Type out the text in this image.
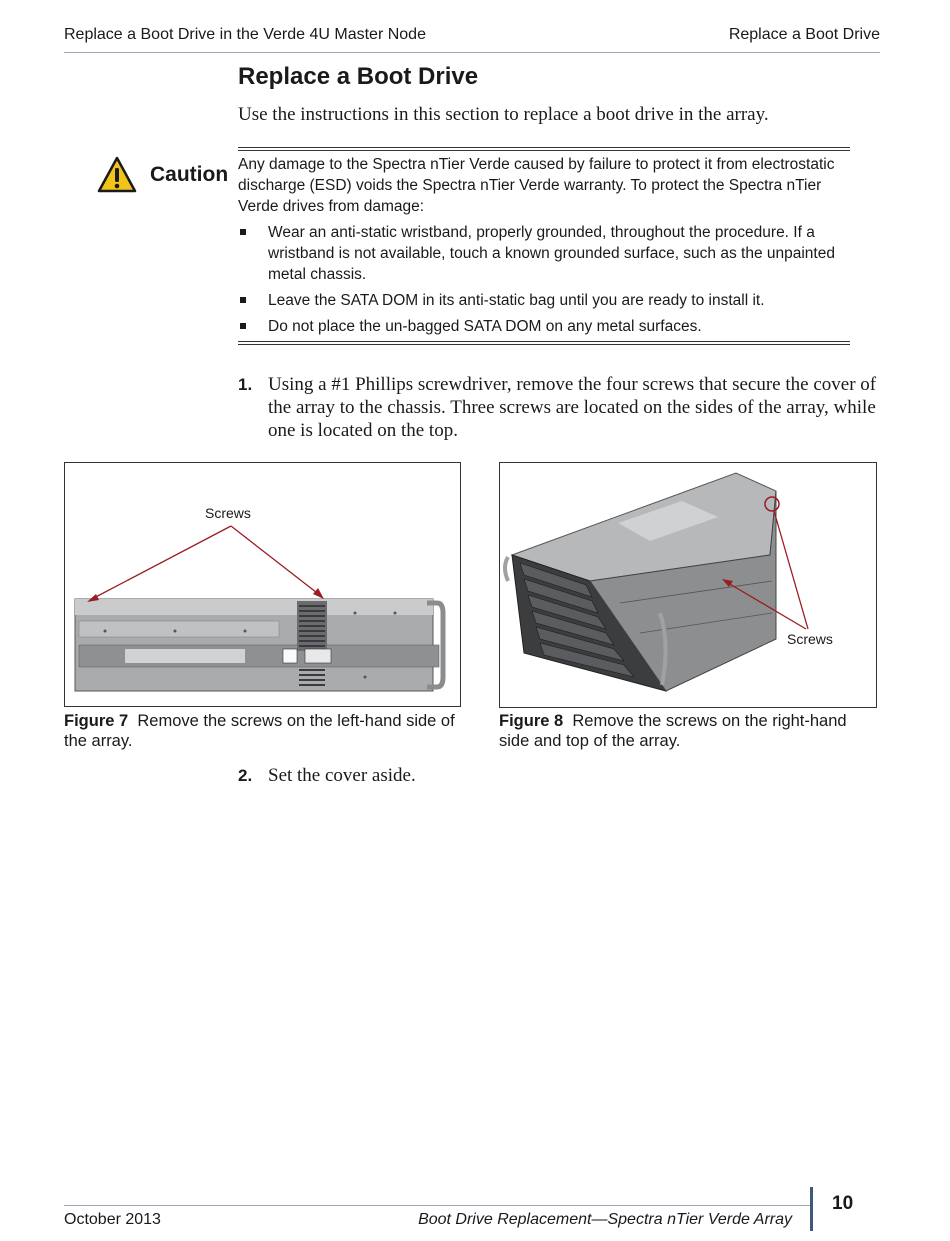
Replace a Boot Drive in the Verde 4U Master Node	Replace a Boot Drive
Replace a Boot Drive
Use the instructions in this section to replace a boot drive in the array.
Caution Any damage to the Spectra nTier Verde caused by failure to protect it from electrostatic discharge (ESD) voids the Spectra nTier Verde warranty. To protect the Spectra nTier Verde drives from damage:

Wear an anti-static wristband, properly grounded, throughout the procedure. If a wristband is not available, touch a known grounded surface, such as the unpainted metal chassis.
Leave the SATA DOM in its anti-static bag until you are ready to install it.
Do not place the un-bagged SATA DOM on any metal surfaces.
1. Using a #1 Phillips screwdriver, remove the four screws that secure the cover of the array to the chassis. Three screws are located on the sides of the array, while one is located on the top.
Screws
Figure 7 Remove the screws on the left-hand side of the array.
Screws
Figure 8 Remove the screws on the right-hand side and top of the array.
2. Set the cover aside.
October 2013	Boot Drive Replacement—Spectra nTier Verde Array
10
